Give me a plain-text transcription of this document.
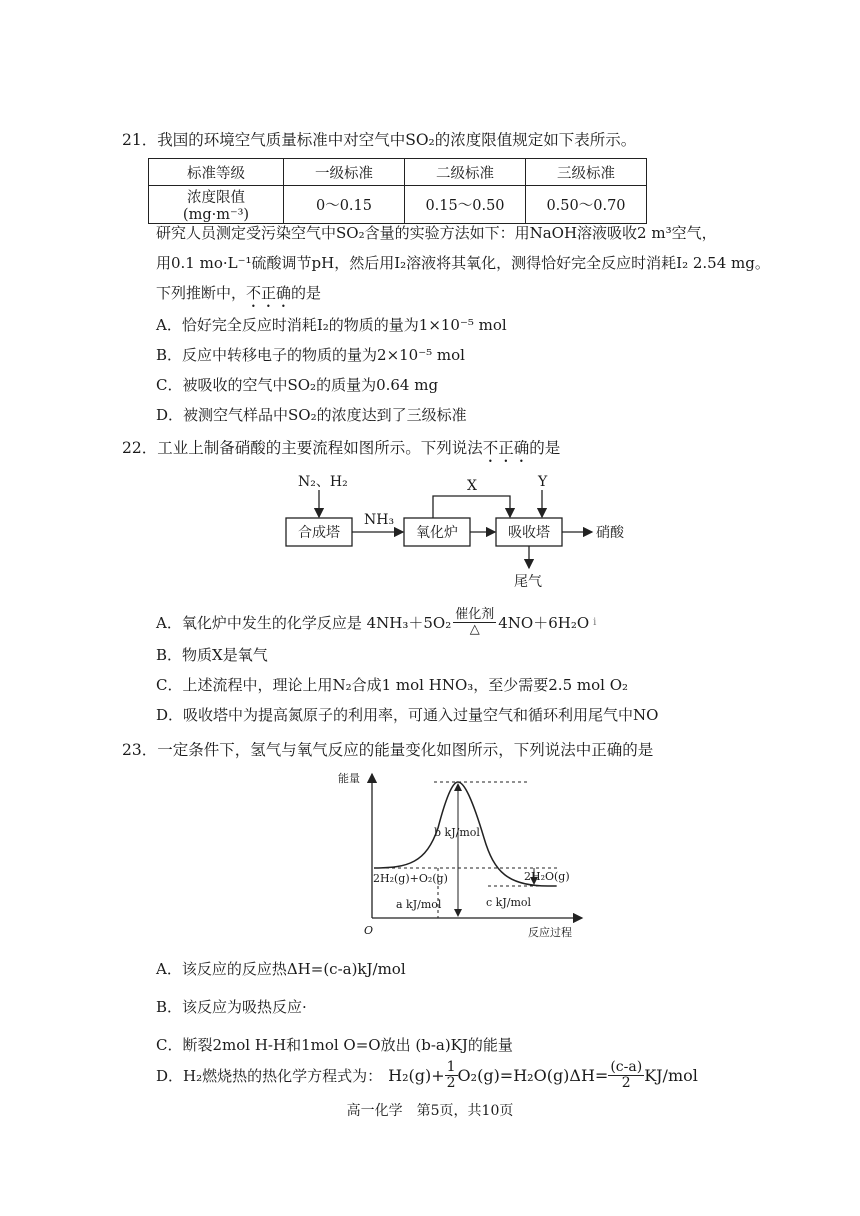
21．我国的环境空气质量标准中对空气中SO₂的浓度限值规定如下表所示。
标准等级	一级标准	二级标准	三级标准
浓度限值(mg·m⁻³)	0～0.15	0.15～0.50	0.50～0.70
研究人员测定受污染空气中SO₂含量的实验方法如下：用NaOH溶液吸收2 m³空气，
用0.1 mo·L⁻¹硫酸调节pH，然后用I₂溶液将其氧化，测得恰好完全反应时消耗I₂ 2.54 mg。
下列推断中，不正确的是
A．恰好完全反应时消耗I₂的物质的量为1×10⁻⁵ mol
B．反应中转移电子的物质的量为2×10⁻⁵ mol
C．被吸收的空气中SO₂的质量为0.64 mg
D．被测空气样品中SO₂的浓度达到了三级标准
22．工业上制备硝酸的主要流程如图所示。下列说法不正确的是
N₂、H₂
NH₃
X	Y
合成塔	氧化炉	吸收塔	硝酸
尾气
A．氧化炉中发生的化学反应是 $4NH_3+5O_2 \frac{\text{催化剂}}{\triangle} 4NO+6H_2O$ i
B．物质X是氧气
C．上述流程中，理论上用N₂合成1 mol HNO₃，至少需要2.5 mol O₂
D．吸收塔中为提高氮原子的利用率，可通入过量空气和循环利用尾气中NO
23．一定条件下，氢气与氧气反应的能量变化如图所示，下列说法中正确的是
能量
O	反应过程
b kJ/mol
a kJ/mol	c kJ/mol
2H₂(g)+O₂(g)	2H₂O(g)
A．该反应的反应热ΔH=(c-a)kJ/mol
B．该反应为吸热反应·
C．断裂2mol H-H和1mol O=O放出 (b-a)KJ的能量
D．H₂燃烧热的热化学方程式为： $H_2(g)+ \frac{1}{2} O_2(g)=H_2O(g)\Delta H= \frac{(c-a)}{2} KJ/mol$
高一化学　第5页，共10页
